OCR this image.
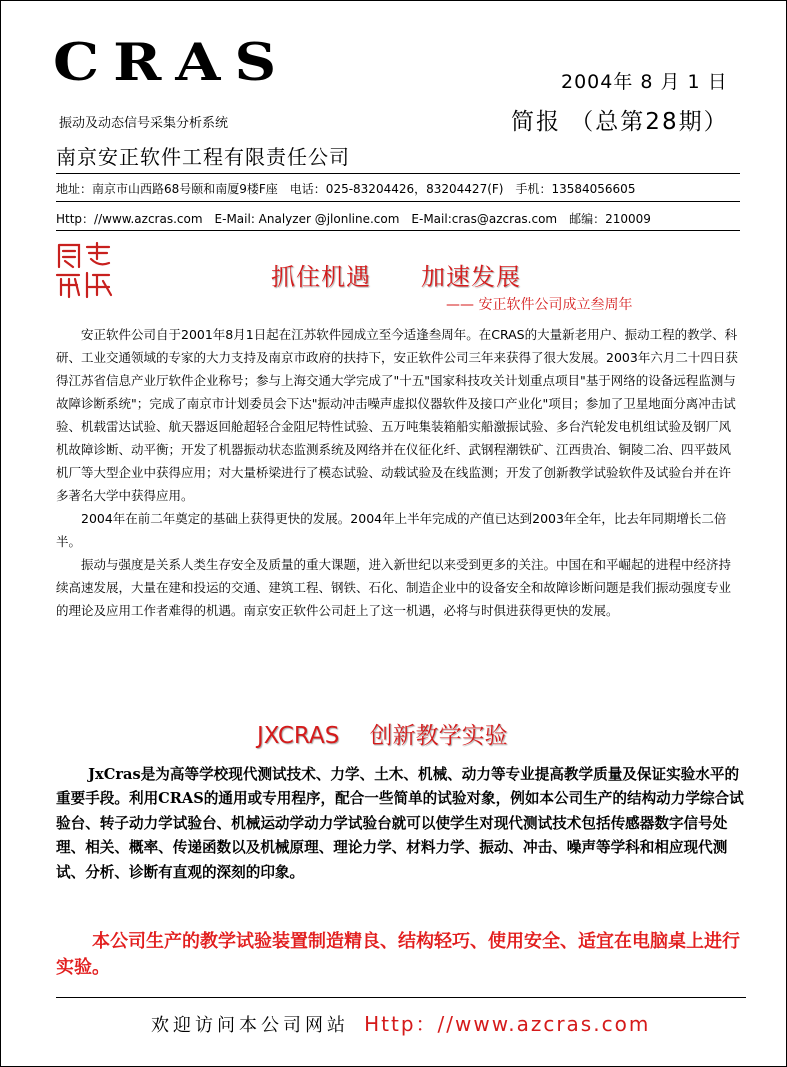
CRAS	2004年 8 月 1 日
简报 （总第28期）
振动及动态信号采集分析系统
南京安正软件工程有限责任公司
地址：南京市山西路68号颐和南厦9楼F座　电话：025-83204426，83204427(F)　手机：13584056605
Http：//www.azcras.com　E-Mail: Analyzer @jlonline.com　E-Mail:cras@azcras.com　邮编：210009
抓住机遇　　加速发展
—— 安正软件公司成立叁周年

安正软件公司自于2001年8月1日起在江苏软件园成立至今适逢叁周年。在CRAS的大量新老用户、振动工程的教学、科研、工业交通领域的专家的大力支持及南京市政府的扶持下，安正软件公司三年来获得了很大发展。2003年六月二十四日获得江苏省信息产业厅软件企业称号；参与上海交通大学完成了"十五"国家科技攻关计划重点项目"基于网络的设备远程监测与故障诊断系统"；完成了南京市计划委员会下达"振动冲击噪声虚拟仪器软件及接口产业化"项目；参加了卫星地面分离冲击试验、机载雷达试验、航天器返回舱超轻合金阻尼特性试验、五万吨集装箱船实船激振试验、多台汽轮发电机组试验及钢厂风机故障诊断、动平衡；开发了机器振动状态监测系统及网络并在仪征化纤、武钢程潮铁矿、江西贵冶、铜陵二冶、四平鼓风机厂等大型企业中获得应用；对大量桥梁进行了模态试验、动载试验及在线监测；开发了创新教学试验软件及试验台并在许多著名大学中获得应用。

2004年在前二年奠定的基础上获得更快的发展。2004年上半年完成的产值已达到2003年全年，比去年同期增长二倍半。

振动与强度是关系人类生存安全及质量的重大课题，进入新世纪以来受到更多的关注。中国在和平崛起的进程中经济持续高速发展，大量在建和投运的交通、建筑工程、钢铁、石化、制造企业中的设备安全和故障诊断问题是我们振动强度专业的理论及应用工作者难得的机遇。南京安正软件公司赶上了这一机遇，必将与时俱进获得更快的发展。

JXCRAS　 创新教学实验

JxCras是为高等学校现代测试技术、力学、土木、机械、动力等专业提高教学质量及保证实验水平的重要手段。利用CRAS的通用或专用程序，配合一些简单的试验对象，例如本公司生产的结构动力学综合试验台、转子动力学试验台、机械运动学动力学试验台就可以使学生对现代测试技术包括传感器数字信号处理、相关、概率、传递函数以及机械原理、理论力学、材料力学、振动、冲击、噪声等学科和相应现代测试、分析、诊断有直观的深刻的印象。

本公司生产的教学试验装置制造精良、结构轻巧、使用安全、适宜在电脑桌上进行实验。

欢迎访问本公司网站 Http：//www.azcras.com
